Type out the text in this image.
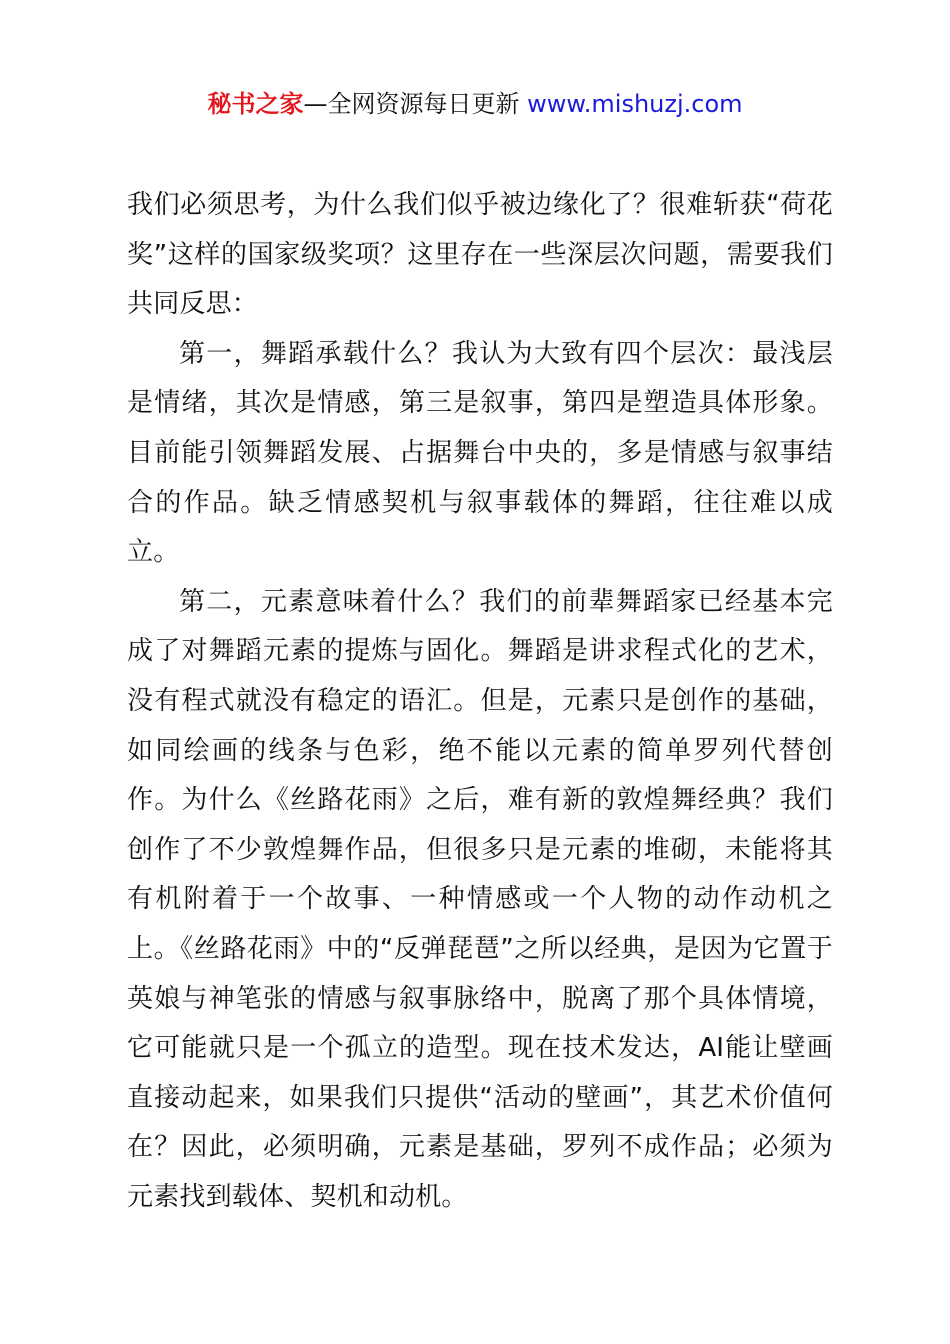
秘书之家—全网资源每日更新 www.mishuzj.com

我们必须思考，为什么我们似乎被边缘化了？很难斩获“荷花奖”这样的国家级奖项？这里存在一些深层次问题，需要我们共同反思：

第一，舞蹈承载什么？我认为大致有四个层次：最浅层是情绪，其次是情感，第三是叙事，第四是塑造具体形象。目前能引领舞蹈发展、占据舞台中央的，多是情感与叙事结合的作品。缺乏情感契机与叙事载体的舞蹈，往往难以成立。

第二，元素意味着什么？我们的前辈舞蹈家已经基本完成了对舞蹈元素的提炼与固化。舞蹈是讲求程式化的艺术，没有程式就没有稳定的语汇。但是，元素只是创作的基础，如同绘画的线条与色彩，绝不能以元素的简单罗列代替创作。为什么《丝路花雨》之后，难有新的敦煌舞经典？我们创作了不少敦煌舞作品，但很多只是元素的堆砌，未能将其有机附着于一个故事、一种情感或一个人物的动作动机之上。《丝路花雨》中的“反弹琵琶”之所以经典，是因为它置于英娘与神笔张的情感与叙事脉络中，脱离了那个具体情境，它可能就只是一个孤立的造型。现在技术发达，AI能让壁画直接动起来，如果我们只提供“活动的壁画”，其艺术价值何在？因此，必须明确，元素是基础，罗列不成作品；必须为元素找到载体、契机和动机。
